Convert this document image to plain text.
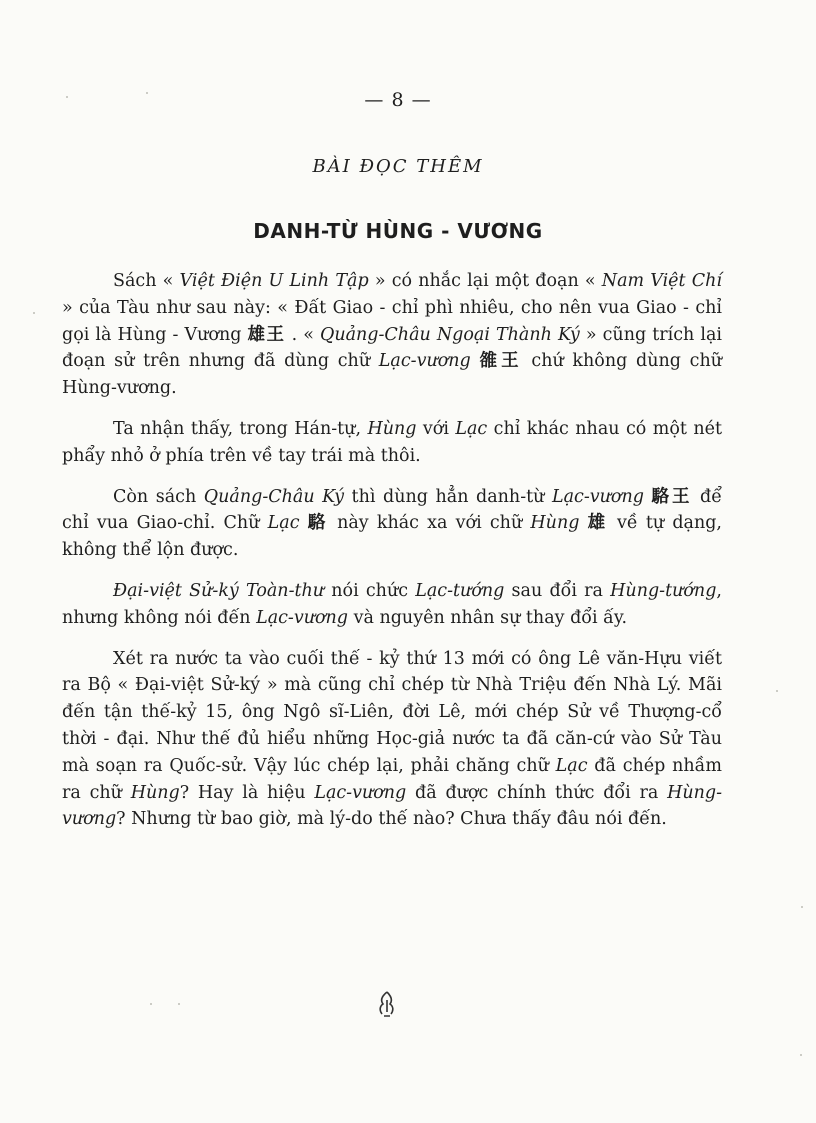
— 8 —
BÀI ĐỌC THÊM
DANH-TỪ HÙNG - VƯƠNG

Sách « Việt Điện U Linh Tập » có nhắc lại một đoạn « Nam Việt Chí » của Tàu như sau này: « Đất Giao - chỉ phì nhiêu, cho nên vua Giao - chỉ gọi là Hùng - Vương 雄王 . « Quảng-Châu Ngoại Thành Ký » cũng trích lại đoạn sử trên nhưng đã dùng chữ Lạc-vương 雒王 chứ không dùng chữ Hùng-vương.

Ta nhận thấy, trong Hán-tự, Hùng với Lạc chỉ khác nhau có một nét phẩy nhỏ ở phía trên về tay trái mà thôi.

Còn sách Quảng-Châu Ký thì dùng hẳn danh-từ Lạc-vương 駱王 để chỉ vua Giao-chỉ. Chữ Lạc 駱 này khác xa với chữ Hùng 雄 về tự dạng, không thể lộn được.

Đại-việt Sử-ký Toàn-thư nói chức Lạc-tướng sau đổi ra Hùng-tướng, nhưng không nói đến Lạc-vương và nguyên nhân sự thay đổi ấy.

Xét ra nước ta vào cuối thế - kỷ thứ 13 mới có ông Lê văn-Hựu viết ra Bộ « Đại-việt Sử-ký » mà cũng chỉ chép từ Nhà Triệu đến Nhà Lý. Mãi đến tận thế-kỷ 15, ông Ngô sĩ-Liên, đời Lê, mới chép Sử về Thượng-cổ thời - đại. Như thế đủ hiểu những Học-giả nước ta đã căn-cứ vào Sử Tàu mà soạn ra Quốc-sử. Vậy lúc chép lại, phải chăng chữ Lạc đã chép nhầm ra chữ Hùng? Hay là hiệu Lạc-vương đã được chính thức đổi ra Hùng-vương? Nhưng từ bao giờ, mà lý-do thế nào? Chưa thấy đâu nói đến.
